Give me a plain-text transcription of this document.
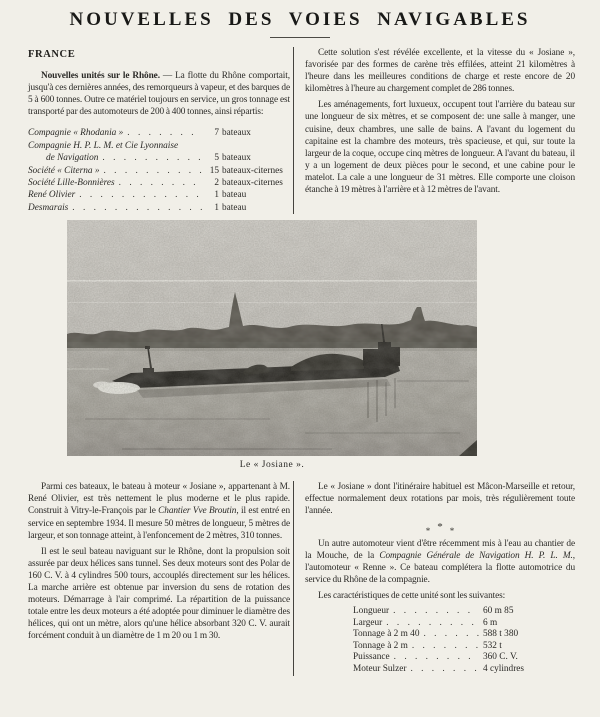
NOUVELLES DES VOIES NAVIGABLES
FRANCE

Nouvelles unités sur le Rhône. — La flotte du Rhône comportait, jusqu'à ces dernières années, des remorqueurs à vapeur, et des barques de 5 à 600 tonnes. Outre ce matériel toujours en service, un gros tonnage est transporté par des automoteurs de 200 à 400 tonnes, ainsi répartis:

Compagnie « Rhodania » . . .	7 bateaux
Compagnie H. P. L. M. et Cie Lyonnaise
de Navigation . . .	5 bateaux
Société « Citerna » . . .	15 bateaux-citernes
Société Lille-Bonnières . . .	2 bateaux-citernes
René Olivier . . .	1 bateau
Desmarais . . .	1 bateau

Cette solution s'est révélée excellente, et la vitesse du « Josiane », favorisée par des formes de carène très effilées, atteint 21 kilomètres à l'heure dans les meilleures conditions de charge et reste encore de 20 kilomètres à l'heure au chargement complet de 286 tonnes.

Les aménagements, fort luxueux, occupent tout l'arrière du bateau sur une longueur de six mètres, et se composent de: une salle à manger, une cuisine, deux chambres, une salle de bains. A l'avant du logement du capitaine est la chambre des moteurs, très spacieuse, et qui, sur toute la largeur de la coque, occupe cinq mètres de longueur. A l'avant du bateau, il y a un logement de deux pièces pour le second, et une cabine pour le matelot. La cale a une longueur de 31 mètres. Elle comporte une cloison étanche à 19 mètres à l'arrière et à 12 mètres de l'avant.

Le « Josiane ».

Parmi ces bateaux, le bateau à moteur « Josiane », appartenant à M. René Olivier, est très nettement le plus moderne et le plus rapide. Construit à Vitry-le-François par le Chantier Vve Broutin, il est entré en service en septembre 1934. Il mesure 50 mètres de longueur, 5 mètres de largeur, et son tonnage atteint, à l'enfoncement de 2 mètres, 310 tonnes.

Il est le seul bateau naviguant sur le Rhône, dont la propulsion soit assurée par deux hélices sans tunnel. Ses deux moteurs sont des Polar de 160 C. V. à 4 cylindres 500 tours, accouplés directement sur les hélices. La marche arrière est obtenue par inversion du sens de rotation des moteurs. Démarrage à l'air comprimé. La répartition de la puissance totale entre les deux moteurs a été adoptée pour diminuer le diamètre des hélices, qui ont un mètre, alors qu'une hélice absorbant 320 C. V. aurait forcément conduit à un diamètre de 1 m 20 ou 1 m 30.

Le « Josiane » dont l'itinéraire habituel est Mâcon-Marseille et retour, effectue normalement deux rotations par mois, très régulièrement toute l'année.

* * *

Un autre automoteur vient d'être récemment mis à l'eau au chantier de la Mouche, de la Compagnie Générale de Navigation H. P. L. M., l'automoteur « Renne ». Ce bateau complétera la flotte automotrice du service du Rhône de la compagnie.

Les caractéristiques de cette unité sont les suivantes:

Longueur . . .	60 m 85
Largeur . . .	6 m
Tonnage à 2 m 40 . . .	588 t 380
Tonnage à 2 m . . .	532 t
Puissance . . .	360 C. V.
Moteur Sulzer . . .	4 cylindres
